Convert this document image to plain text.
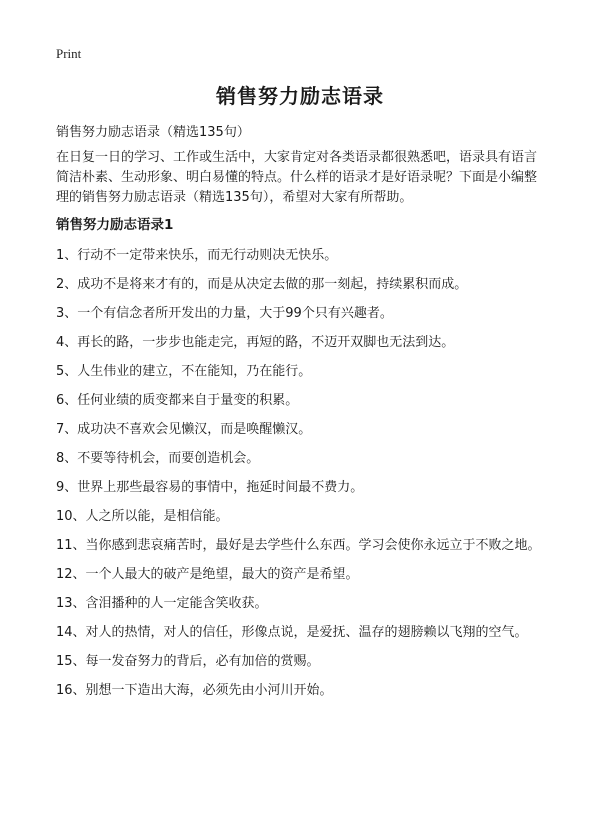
Print
销售努力励志语录

销售努力励志语录（精选135句）

在日复一日的学习、工作或生活中，大家肯定对各类语录都很熟悉吧，语录具有语言简洁朴素、生动形象、明白易懂的特点。什么样的语录才是好语录呢？下面是小编整理的销售努力励志语录（精选135句），希望对大家有所帮助。

销售努力励志语录1
1、行动不一定带来快乐，而无行动则决无快乐。
2、成功不是将来才有的，而是从决定去做的那一刻起，持续累积而成。
3、一个有信念者所开发出的力量，大于99个只有兴趣者。
4、再长的路，一步步也能走完，再短的路，不迈开双脚也无法到达。
5、人生伟业的建立，不在能知，乃在能行。
6、任何业绩的质变都来自于量变的积累。
7、成功决不喜欢会见懒汉，而是唤醒懒汉。
8、不要等待机会，而要创造机会。
9、世界上那些最容易的事情中，拖延时间最不费力。
10、人之所以能，是相信能。
11、当你感到悲哀痛苦时，最好是去学些什么东西。学习会使你永远立于不败之地。
12、一个人最大的破产是绝望，最大的资产是希望。
13、含泪播种的人一定能含笑收获。
14、对人的热情，对人的信任，形像点说，是爱抚、温存的翅膀赖以飞翔的空气。
15、每一发奋努力的背后，必有加倍的赏赐。
16、别想一下造出大海，必须先由小河川开始。
